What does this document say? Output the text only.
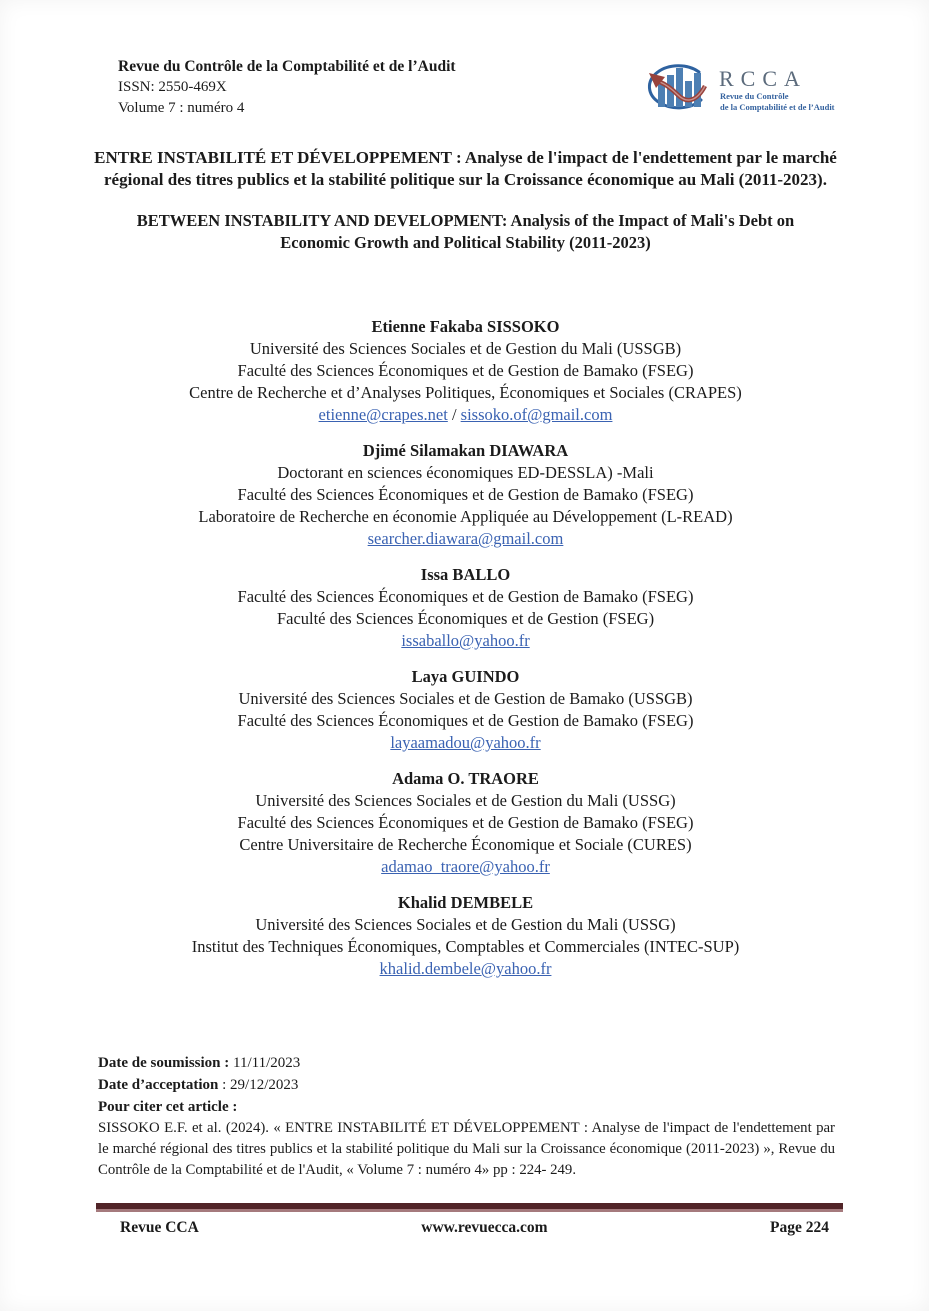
Revue du Contrôle de la Comptabilité et de l’Audit
ISSN: 2550-469X
Volume 7 : numéro 4
RCCA
Revue du Contrôle
de la Comptabilité et de l’Audit
ENTRE INSTABILITÉ ET DÉVELOPPEMENT : Analyse de l'impact de l'endettement par le marché régional des titres publics et la stabilité politique sur la Croissance économique au Mali (2011-2023).
BETWEEN INSTABILITY AND DEVELOPMENT: Analysis of the Impact of Mali's Debt on Economic Growth and Political Stability (2011-2023)
Etienne Fakaba SISSOKO
Université des Sciences Sociales et de Gestion du Mali (USSGB)
Faculté des Sciences Économiques et de Gestion de Bamako (FSEG)
Centre de Recherche et d’Analyses Politiques, Économiques et Sociales (CRAPES)
etienne@crapes.net / sissoko.of@gmail.com
Djimé Silamakan DIAWARA
Doctorant en sciences économiques ED-DESSLA) -Mali
Faculté des Sciences Économiques et de Gestion de Bamako (FSEG)
Laboratoire de Recherche en économie Appliquée au Développement (L-READ)
searcher.diawara@gmail.com
Issa BALLO
Faculté des Sciences Économiques et de Gestion de Bamako (FSEG)
Faculté des Sciences Économiques et de Gestion (FSEG)
issaballo@yahoo.fr
Laya GUINDO
Université des Sciences Sociales et de Gestion de Bamako (USSGB)
Faculté des Sciences Économiques et de Gestion de Bamako (FSEG)
layaamadou@yahoo.fr
Adama O. TRAORE
Université des Sciences Sociales et de Gestion du Mali (USSG)
Faculté des Sciences Économiques et de Gestion de Bamako (FSEG)
Centre Universitaire de Recherche Économique et Sociale (CURES)
adamao_traore@yahoo.fr
Khalid DEMBELE
Université des Sciences Sociales et de Gestion du Mali (USSG)
Institut des Techniques Économiques, Comptables et Commerciales (INTEC-SUP)
khalid.dembele@yahoo.fr
Date de soumission : 11/11/2023
Date d’acceptation : 29/12/2023
Pour citer cet article :
SISSOKO E.F. et al. (2024). « ENTRE INSTABILITÉ ET DÉVELOPPEMENT : Analyse de l'impact de l'endettement par le marché régional des titres publics et la stabilité politique du Mali sur la Croissance économique (2011-2023) », Revue du Contrôle de la Comptabilité et de l'Audit, « Volume 7 : numéro 4» pp : 224- 249.
Revue CCA	www.revuecca.com	Page 224
